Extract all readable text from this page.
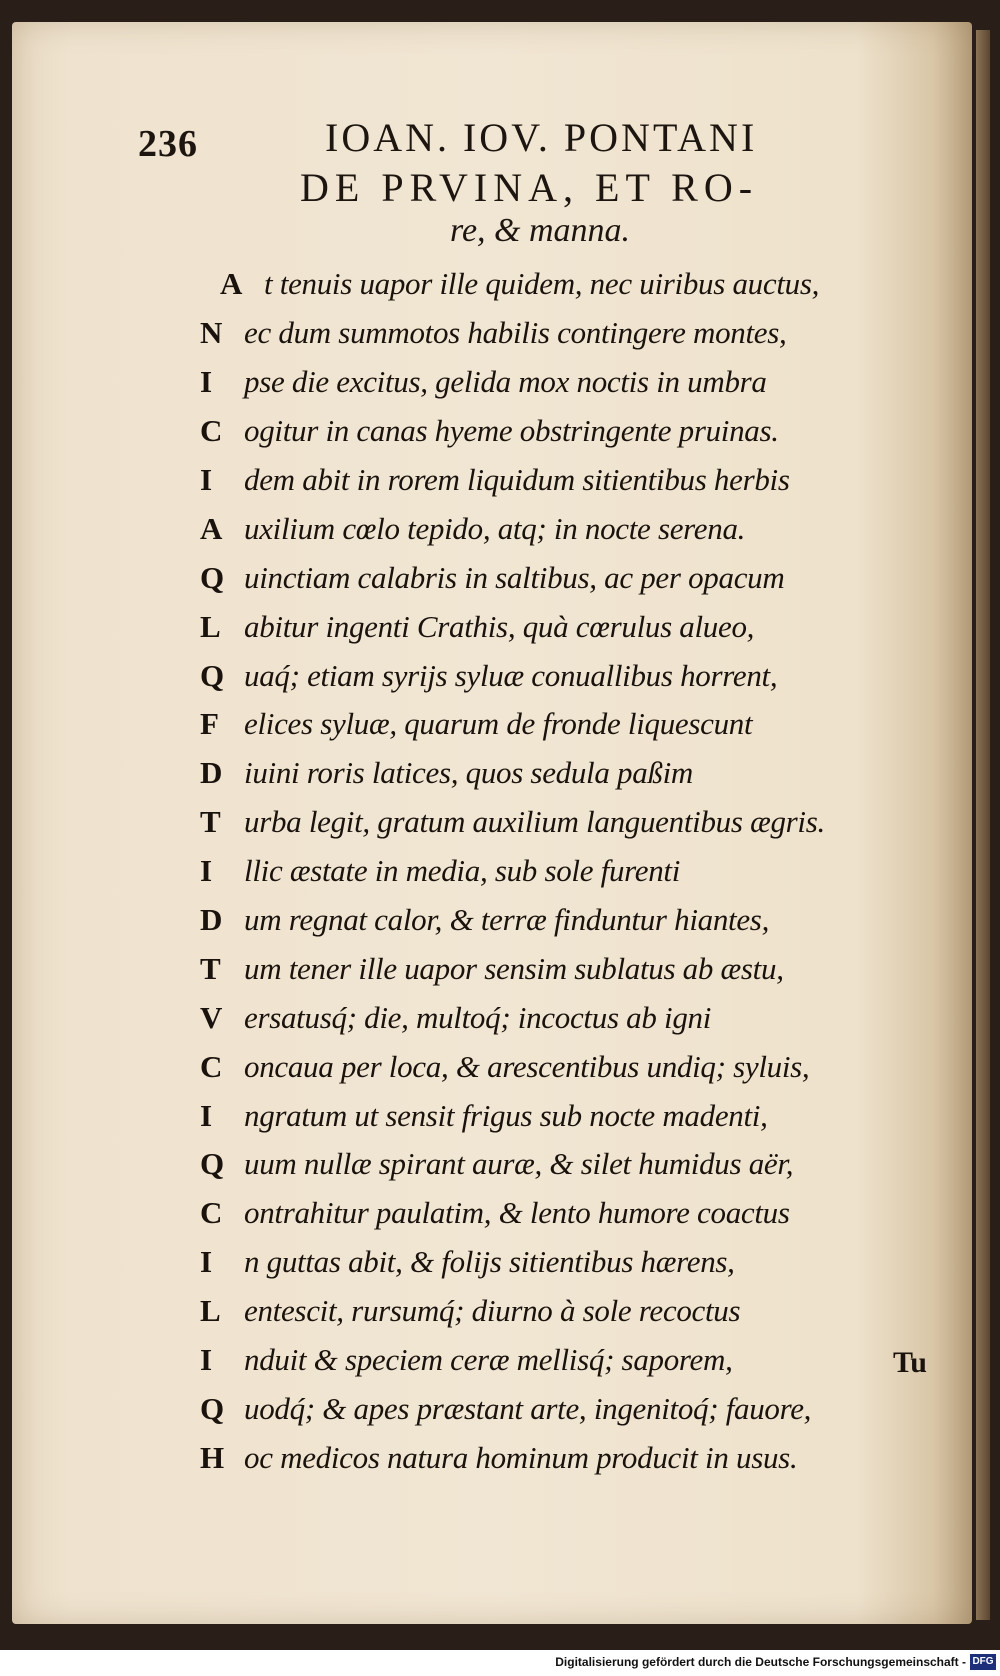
236	IOAN. IOV. PONTANI
DE PRVINA, ET RO-
re, & manna.
A t tenuis uapor ille quidem, nec uiribus auctus,
N ec dum summotos habilis contingere montes,
I	pse die excitus, gelida mox noctis in umbra
C ogitur in canas hyeme obstringente pruinas.
I	dem abit in rorem liquidum sitientibus herbis
A uxilium cœlo tepido, atq; in nocte serena.
Q uinctiam calabris in saltibus, ac per opacum
L abitur ingenti Crathis, quà cœrulus alueo,
Q uaq́; etiam syrijs syluæ conuallibus horrent,
F elices syluæ, quarum de fronde liquescunt
D iuini roris latices, quos sedula paßim
T urba legit, gratum auxilium languentibus ægris.
I	llic æstate in media, sub sole furenti
D um regnat calor, & terræ finduntur hiantes,
T um tener ille uapor sensim sublatus ab æstu,
V ersatusq́; die, multoq́; incoctus ab igni
C oncaua per loca, & arescentibus undiq; syluis,
I	ngratum ut sensit frigus sub nocte madenti,
Q uum nullæ spirant auræ, & silet humidus aër,
C ontrahitur paulatim, & lento humore coactus
I	n guttas abit, & folijs sitientibus hærens,
L entescit, rursumq́; diurno à sole recoctus
I	nduit & speciem ceræ mellisq́; saporem,
Q uodq́; & apes præstant arte, ingenitoq́; fauore,
H oc medicos natura hominum producit in usus.
Tu
Digitalisierung gefördert durch die Deutsche Forschungsgemeinschaft - DFG
